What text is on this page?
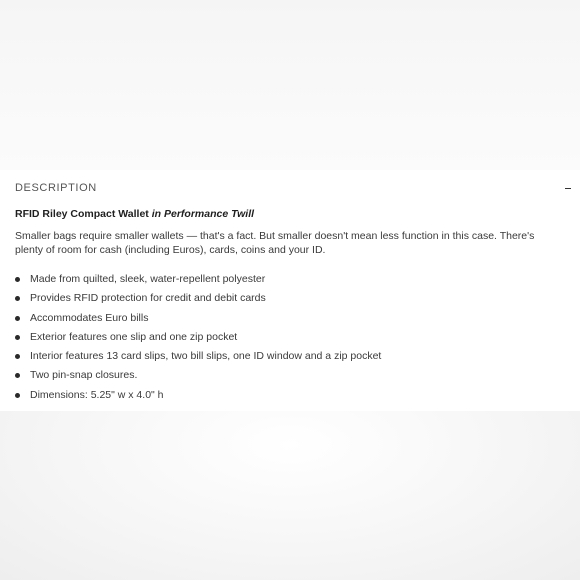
DESCRIPTION
RFID Riley Compact Wallet in Performance Twill

Smaller bags require smaller wallets — that's a fact. But smaller doesn't mean less function in this case. There's plenty of room for cash (including Euros), cards, coins and your ID.

Made from quilted, sleek, water-repellent polyester
Provides RFID protection for credit and debit cards
Accommodates Euro bills
Exterior features one slip and one zip pocket
Interior features 13 card slips, two bill slips, one ID window and a zip pocket
Two pin-snap closures.
Dimensions: 5.25" w x 4.0" h
